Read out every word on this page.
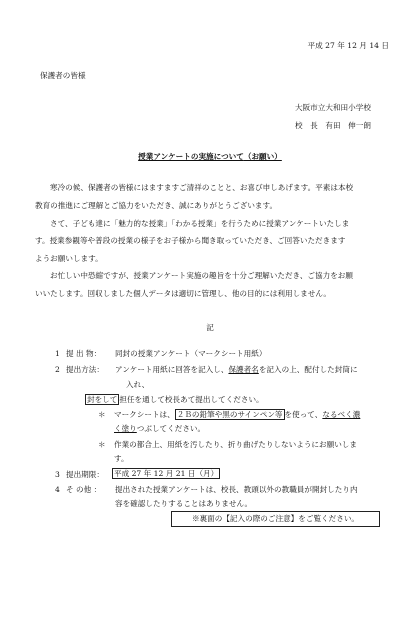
平成 27 年 12 月 14 日
保護者の皆様
大阪市立大和田小学校
校　長　有田　伸一朗
授業アンケートの実施について（お願い）
寒冷の候、保護者の皆様にはますますご清祥のことと、お喜び申しあげます。平素は本校
教育の推進にご理解とご協力をいただき、誠にありがとうございます。
さて、子ども達に「魅力的な授業」「わかる授業」を行うために授業アンケートいたしま
す。授業参観等や普段の授業の様子をお子様から聞き取っていただき、ご回答いただきます
ようお願いします。
お忙しい中恐縮ですが、授業アンケート実施の趣旨を十分ご理解いただき、ご協力をお願
いいたします。回収しました個人データは適切に管理し、他の目的には利用しません。
記
1 提 出 物： 同封の授業アンケート（マークシート用紙）
2 提出方法： アンケート用紙に回答を記入し、保護者名を記入の上、配付した封筒に
入れ、
封をして 担任を通して校長あて提出してください。
＊ マークシートは、 ２Ｂの鉛筆や黒のサインペン等 を使って、なるべく濃
く塗りつぶしてください。
＊ 作業の都合上、用紙を汚したり、折り曲げたりしないようにお願いしま
す。
3 提出期限： 平成 27 年 12 月 21 日（月）
4 そ の他 ： 提出された授業アンケートは、校長、教頭以外の教職員が開封したり内
容を確認したりすることはありません。
※裏面の【記入の際のご注意】をご覧ください。
